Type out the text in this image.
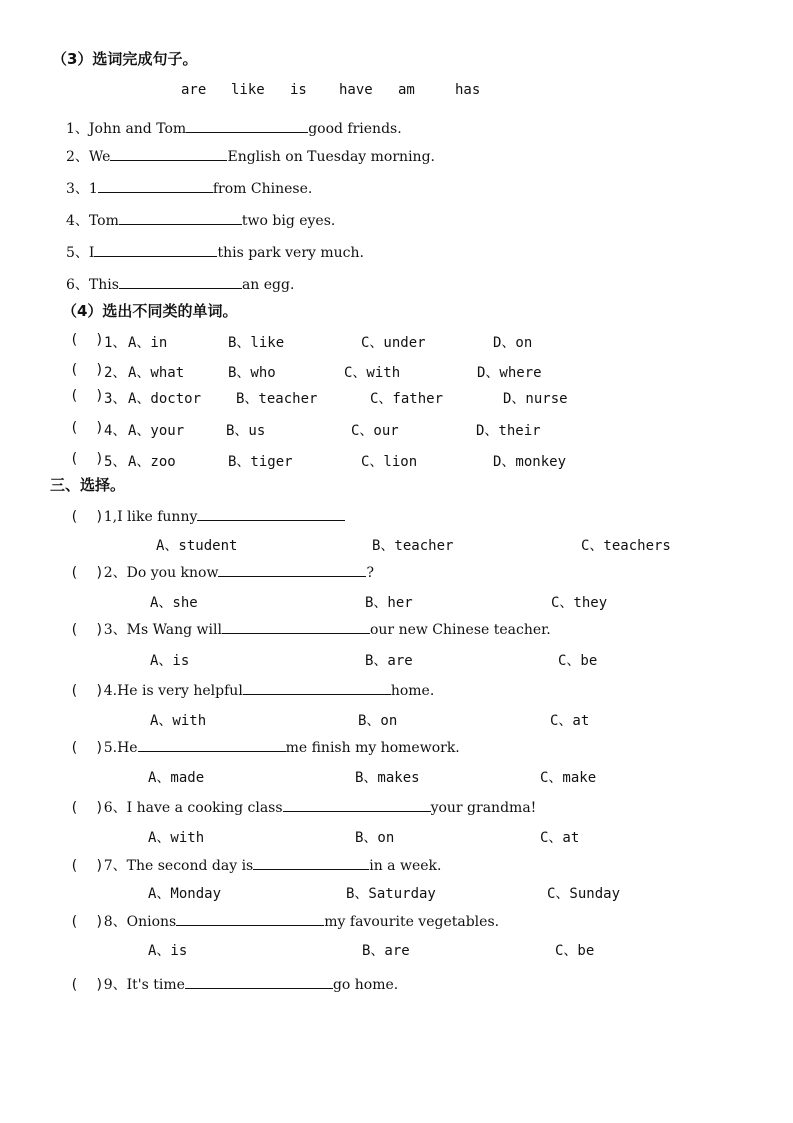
（3）选词完成句子。
are like is have am	has
1、John and Tom	good friends.
2、We	English on Tuesday morning.
3、1	from Chinese.
4、Tom	two big eyes.
5、I	this park very much.
6、This	an egg.
（4）选出不同类的单词。
(  ) 1、 A、in	B、like	C、under	D、on
(  ) 2、 A、what	B、who	C、with	D、where
(  ) 3、 A、doctor B、teacher	C、father	D、nurse
(  ) 4、 A、your	B、us	C、our	D、their
(  ) 5、 A、zoo	B、tiger	C、lion	D、monkey
三、选择。
(  )1,I like funny
A、student	B、teacher	C、teachers
(  )2、Do you know	?
A、she	B、her	C、they
(  )3、Ms Wang will	our new Chinese teacher.
A、is	B、are	C、be
(  )4.He is very helpful	home.
A、with	B、on	C、at
(  )5.He	me finish my homework.
A、made	B、makes	C、make
(  )6、I have a cooking class	your grandma!
A、with	B、on	C、at
(  )7、The second day is	in a week.
A、Monday	B、Saturday	C、Sunday
(  )8、Onions	my favourite vegetables.
A、is	B、are	C、be
(  )9、It's time	go home.
